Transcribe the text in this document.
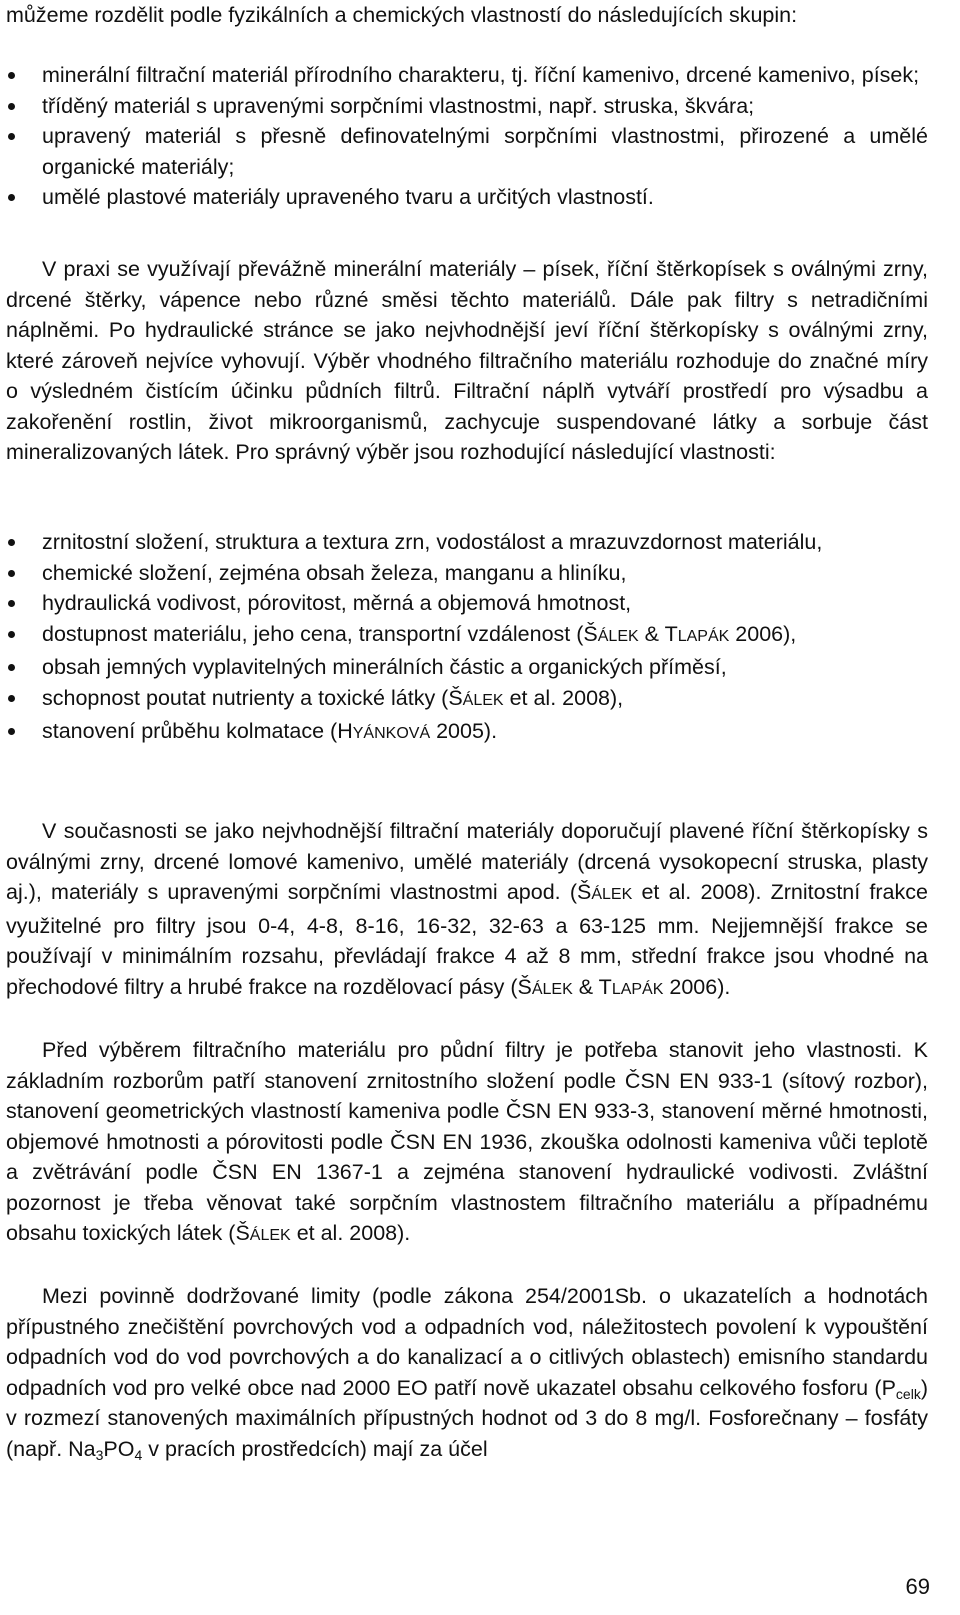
můžeme rozdělit podle fyzikálních a chemických vlastností do následujících skupin:

minerální filtrační materiál přírodního charakteru, tj. říční kamenivo, drcené kamenivo, písek;
tříděný materiál s upravenými sorpčními vlastnostmi, např. struska, škvára;
upravený materiál s přesně definovatelnými sorpčními vlastnostmi, přirozené a umělé organické materiály;
umělé plastové materiály upraveného tvaru a určitých vlastností.

V praxi se využívají převážně minerální materiály – písek, říční štěrkopísek s oválnými zrny, drcené štěrky, vápence nebo různé směsi těchto materiálů. Dále pak filtry s netradičními náplněmi. Po hydraulické stránce se jako nejvhodnější jeví říční štěrkopísky s oválnými zrny, které zároveň nejvíce vyhovují. Výběr vhodného filtračního materiálu rozhoduje do značné míry o výsledném čistícím účinku půdních filtrů. Filtrační náplň vytváří prostředí pro výsadbu a zakořenění rostlin, život mikroorganismů, zachycuje suspendované látky a sorbuje část mineralizovaných látek. Pro správný výběr jsou rozhodující následující vlastnosti:

zrnitostní složení, struktura a textura zrn, vodostálost a mrazuvzdornost materiálu,
chemické složení, zejména obsah železa, manganu a hliníku,
hydraulická vodivost, pórovitost, měrná a objemová hmotnost,
dostupnost materiálu, jeho cena, transportní vzdálenost (ŠÁLEK & TLAPÁK 2006),
obsah jemných vyplavitelných minerálních částic a organických příměsí,
schopnost poutat nutrienty a toxické látky (ŠÁLEK et al. 2008),
stanovení průběhu kolmatace (HYÁNKOVÁ 2005).

V současnosti se jako nejvhodnější filtrační materiály doporučují plavené říční štěrkopísky s oválnými zrny, drcené lomové kamenivo, umělé materiály (drcená vysokopecní struska, plasty aj.), materiály s upravenými sorpčními vlastnostmi apod. (ŠÁLEK et al. 2008). Zrnitostní frakce využitelné pro filtry jsou 0-4, 4-8, 8-16, 16-32, 32-63 a 63-125 mm. Nejjemnější frakce se používají v minimálním rozsahu, převládají frakce 4 až 8 mm, střední frakce jsou vhodné na přechodové filtry a hrubé frakce na rozdělovací pásy (ŠÁLEK & TLAPÁK 2006).

Před výběrem filtračního materiálu pro půdní filtry je potřeba stanovit jeho vlastnosti. K základním rozborům patří stanovení zrnitostního složení podle ČSN EN 933-1 (sítový rozbor), stanovení geometrických vlastností kameniva podle ČSN EN 933-3, stanovení měrné hmotnosti, objemové hmotnosti a pórovitosti podle ČSN EN 1936, zkouška odolnosti kameniva vůči teplotě a zvětrávání podle ČSN EN 1367-1 a zejména stanovení hydraulické vodivosti. Zvláštní pozornost je třeba věnovat také sorpčním vlastnostem filtračního materiálu a případnému obsahu toxických látek (ŠÁLEK et al. 2008).

Mezi povinně dodržované limity (podle zákona 254/2001Sb. o ukazatelích a hodnotách přípustného znečištění povrchových vod a odpadních vod, náležitostech povolení k vypouštění odpadních vod do vod povrchových a do kanalizací a o citlivých oblastech) emisního standardu odpadních vod pro velké obce nad 2000 EO patří nově ukazatel obsahu celkového fosforu $(P_{celk})$ v rozmezí stanovených maximálních přípustných hodnot od 3 do 8 mg/l. Fosforečnany – fosfáty (např. $Na_3PO_4$ v pracích prostředcích) mají za účel

69
